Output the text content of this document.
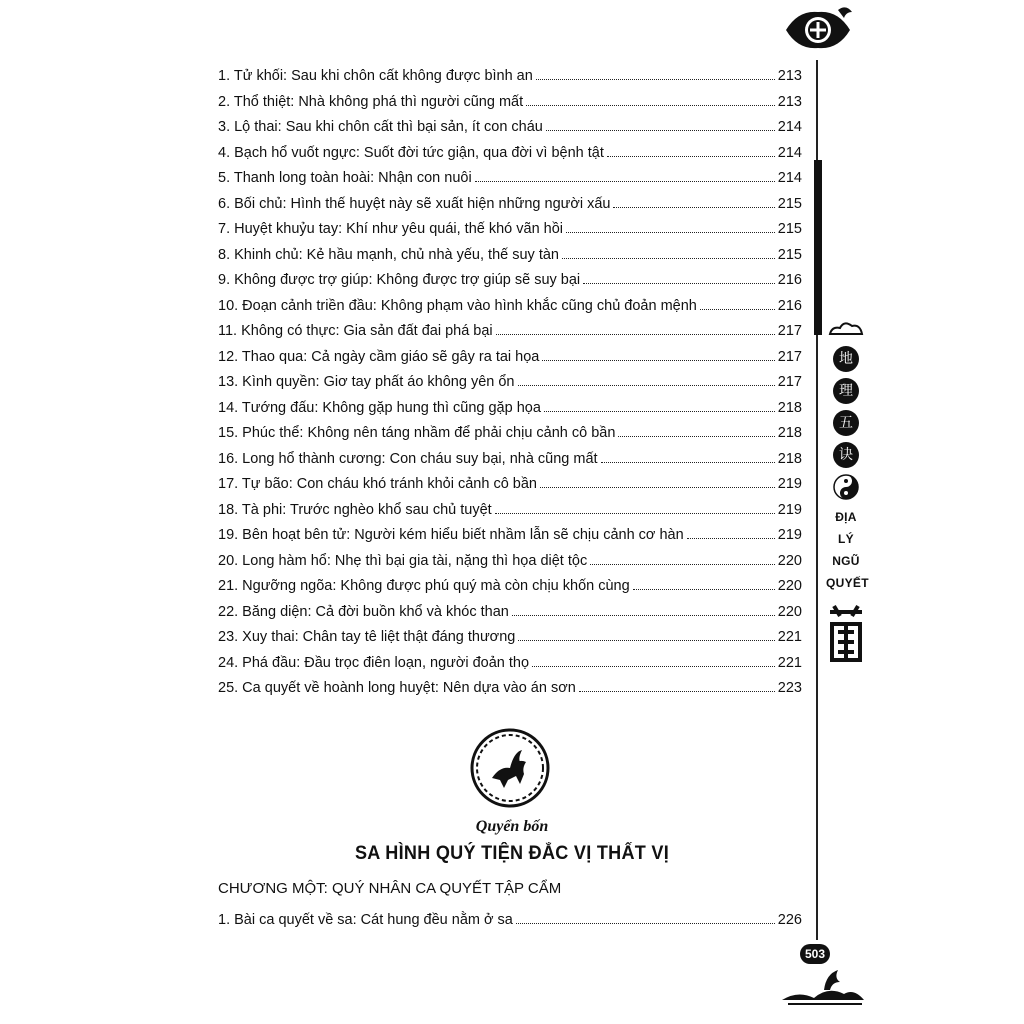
1. Tử khối: Sau khi chôn cất không được bình an	213
2. Thổ thiệt: Nhà không phá thì người cũng mất	213
3. Lộ thai: Sau khi chôn cất thì bại sản, ít con cháu	214
4. Bạch hổ vuốt ngực: Suốt đời tức giận, qua đời vì bệnh tật	214
5. Thanh long toàn hoài: Nhận con nuôi	214
6. Bối chủ: Hình thế huyệt này sẽ xuất hiện những người xấu	215
7. Huyệt khuỷu tay: Khí như yêu quái, thế khó vãn hồi	215
8. Khinh chủ: Kẻ hầu mạnh, chủ nhà yếu, thế suy tàn	215
9. Không được trợ giúp: Không được trợ giúp sẽ suy bại	216
10. Đoạn cảnh triền đầu: Không phạm vào hình khắc cũng chủ đoản mệnh	216
11. Không có thực: Gia sản đất đai phá bại	217
12. Thao qua: Cả ngày cầm giáo sẽ gây ra tai họa	217
13. Kình quyền: Giơ tay phất áo không yên ổn	217
14. Tướng đấu: Không gặp hung thì cũng gặp họa	218
15. Phúc thể: Không nên táng nhầm để phải chịu cảnh cô bần	218
16. Long hổ thành cương: Con cháu suy bại, nhà cũng mất	218
17. Tự bão: Con cháu khó tránh khỏi cảnh cô bần	219
18. Tà phi: Trước nghèo khổ sau chủ tuyệt	219
19. Bên hoạt bên tử: Người kém hiểu biết nhầm lẫn sẽ chịu cảnh cơ hàn	219
20. Long hàm hổ: Nhẹ thì bại gia tài, nặng thì họa diệt tộc	220
21. Ngưỡng ngõa: Không được phú quý mà còn chịu khốn cùng	220
22. Băng diện: Cả đời buồn khổ và khóc than	220
23. Xuy thai: Chân tay tê liệt thật đáng thương	221
24. Phá đầu: Đầu trọc điên loạn, người đoản thọ	221
25. Ca quyết về hoành long huyệt: Nên dựa vào án sơn	223
Quyển bốn
SA HÌNH QUÝ TIỆN ĐẮC VỊ THẤT VỊ
CHƯƠNG MỘT: QUÝ NHÂN CA QUYẾT TẬP CẨM
1. Bài ca quyết về sa: Cát hung đều nằm ở sa	226
地
理
五
诀
ĐỊA
LÝ
NGŨ
QUYẾT
503
